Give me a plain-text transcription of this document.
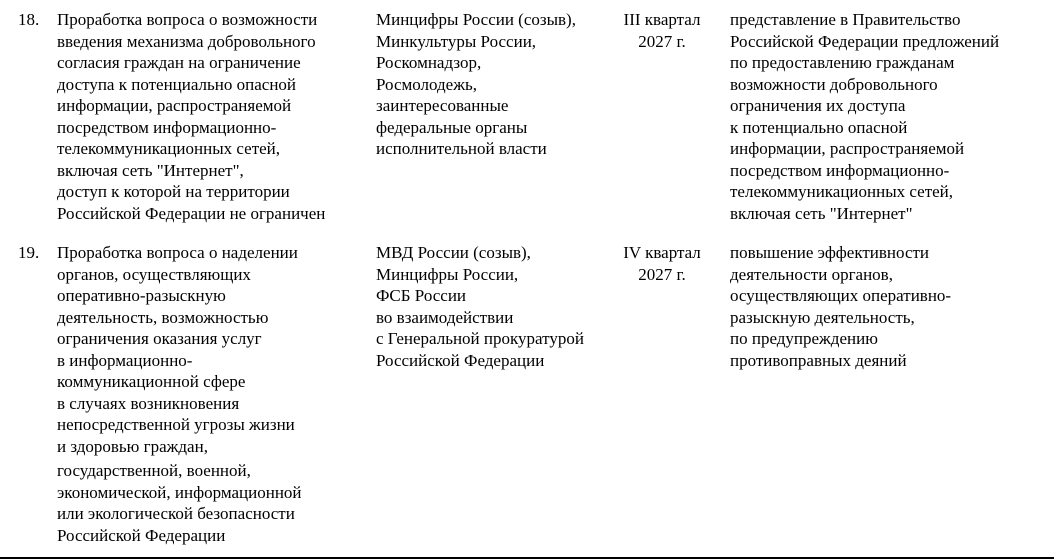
18.	Проработка вопроса о возможности
введения механизма добровольного
согласия граждан на ограничение
доступа к потенциально опасной
информации, распространяемой
посредством информационно-
телекоммуникационных сетей,
включая сеть "Интернет",
доступ к которой на территории
Российской Федерации не ограничен
Минцифры России (созыв),
Минкультуры России,
Роскомнадзор,
Росмолодежь,
заинтересованные
федеральные органы
исполнительной власти
III квартал
2027 г.
представление в Правительство
Российской Федерации предложений
по предоставлению гражданам
возможности добровольного
ограничения их доступа
к потенциально опасной
информации, распространяемой
посредством информационно-
телекоммуникационных сетей,
включая сеть "Интернет"
19.	Проработка вопроса о наделении
органов, осуществляющих
оперативно-разыскную
деятельность, возможностью
ограничения оказания услуг
в информационно-
коммуникационной сфере
в случаях возникновения
непосредственной угрозы жизни
и здоровью граждан,
государственной, военной,
экономической, информационной
или экологической безопасности
Российской Федерации
МВД России (созыв),
Минцифры России,
ФСБ России
во взаимодействии
с Генеральной прокуратурой
Российской Федерации
IV квартал
2027 г.
повышение эффективности
деятельности органов,
осуществляющих оперативно-
разыскную деятельность,
по предупреждению
противоправных деяний
